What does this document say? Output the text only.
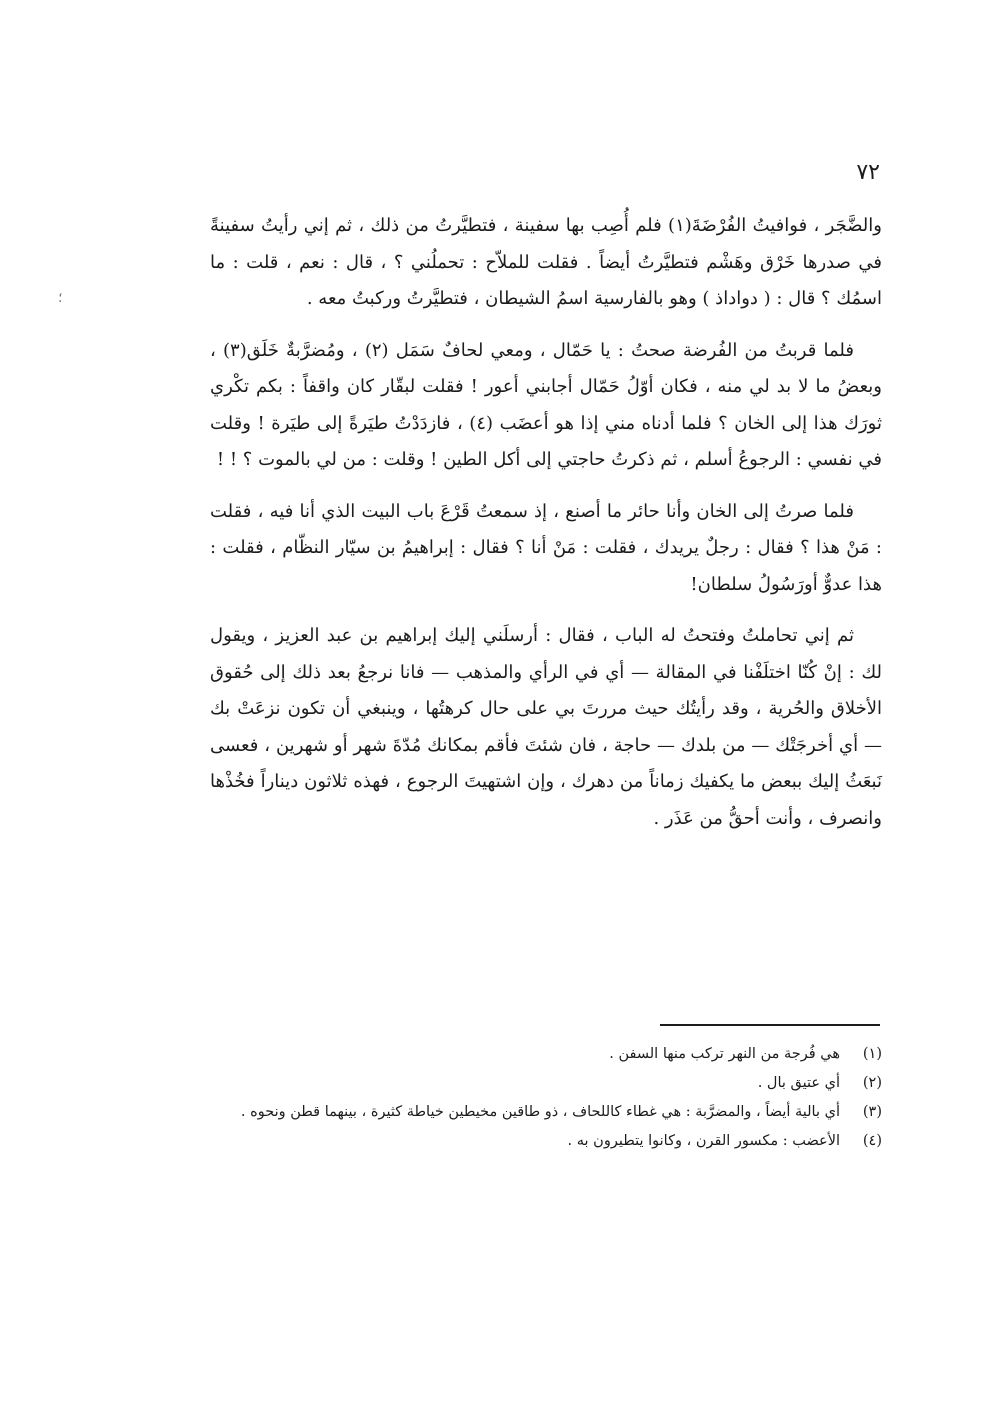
؛
٧٢

والضَّجَر ، فوافيتُ الفُرْضَةَ(١) فلم أُصِب بها سفينة ، فتطيَّرتُ من ذلك ، ثم إني رأيتُ سفينةً في صدرها خَرْق وهَشْم فتطيَّرتُ أيضاً . فقلت للملاّح : تحملُني ؟ ، قال : نعم ، قلت : ما اسمُك ؟ قال : ( دواداذ ) وهو بالفارسية اسمُ الشيطان ، فتطيَّرتُ وركبتُ معه .

فلما قربتُ من الفُرضة صحتُ : يا حَمّال ، ومعي لحافٌ سَمَل (٢) ، ومُضرَّبةٌ خَلَق(٣) ، وبعضُ ما لا بد لي منه ، فكان أوّلُ حَمّال أجابني أعور ! فقلت لبقّار كان واقفاً : بكم تكْري ثورَك هذا إلى الخان ؟ فلما أدناه مني إذا هو أعضَب (٤) ، فازدَدْتُ طيَرةً إلى طيَرة ! وقلت في نفسي : الرجوعُ أسلم ، ثم ذكرتُ حاجتي إلى أكل الطين ! وقلت : من لي بالموت ؟ ! !

فلما صرتُ إلى الخان وأنا حائر ما أصنع ، إذ سمعتُ قَرْعَ باب البيت الذي أنا فيه ، فقلت : مَنْ هذا ؟ فقال : رجلٌ يريدك ، فقلت : مَنْ أنا ؟ فقال : إبراهيمُ بن سيّار النظّام ، فقلت : هذا عدوٌّ أورَسُولُ سلطان!

ثم إني تحاملتُ وفتحتُ له الباب ، فقال : أرسلَني إليك إبراهيم بن عبد العزيز ، ويقول لك : إنْ كُنّا اختلَفْنا في المقالة — أي في الرأي والمذهب — فانا نرجعُ بعد ذلك إلى حُقوق الأخلاق والحُرية ، وقد رأيتُك حيث مررتَ بي على حال كرهتُها ، وينبغي أن تكون نزعَتْ بك — أي أخرجَتْك — من بلدك — حاجة ، فان شئتَ فأقم بمكانك مُدّةَ شهر أو شهرين ، فعسى نَبعَثُ إليك ببعض ما يكفيك زماناً من دهرك ، وإن اشتهيتَ الرجوع ، فهذه ثلاثون ديناراً فخُذْها وانصرف ، وأنت أحقُّ من عَذَر .

(١)
هي فُرجة من النهر تركب منها السفن .
(٢)
أي عتيق بال .
(٣)
أي بالية أيضاً ، والمضرَّبة : هي غطاء كاللحاف ، ذو طاقين مخيطين خياطة كثيرة ، بينهما قطن ونحوه .
(٤)
الأعضب : مكسور القرن ، وكانوا يتطيرون به .
